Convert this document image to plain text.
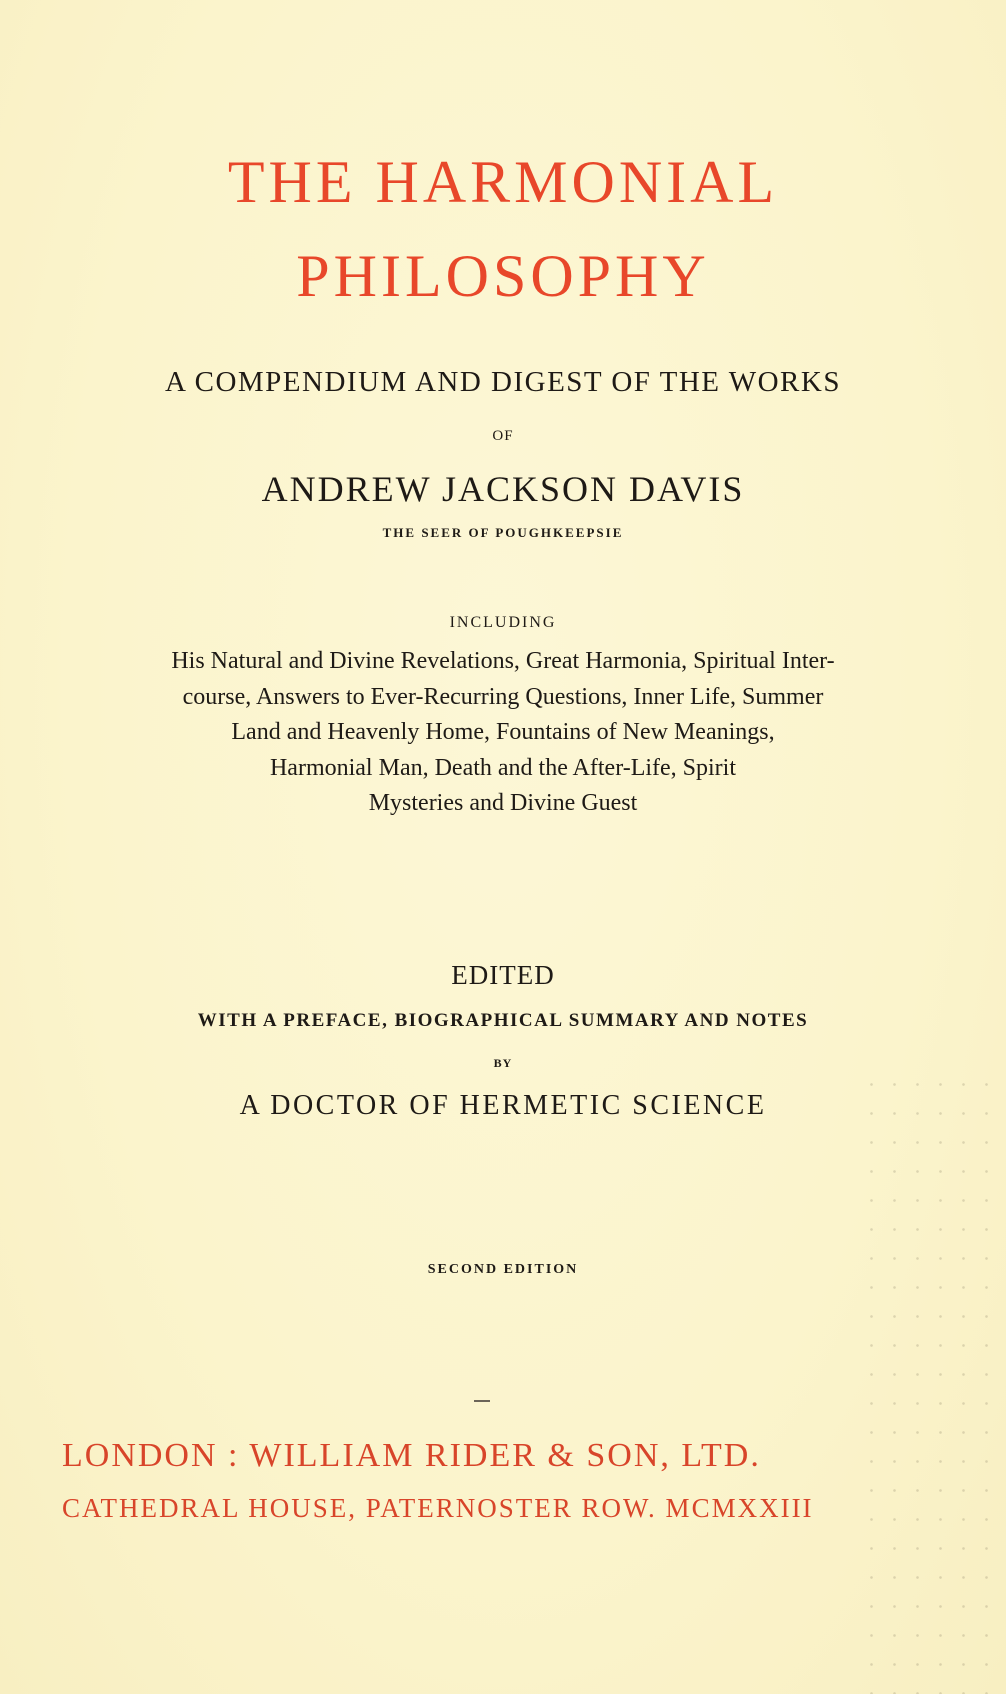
THE HARMONIAL
PHILOSOPHY
A COMPENDIUM AND DIGEST OF THE WORKS
OF
ANDREW JACKSON DAVIS
THE SEER OF POUGHKEEPSIE
INCLUDING
His Natural and Divine Revelations, Great Harmonia, Spiritual Inter-
course, Answers to Ever-Recurring Questions, Inner Life, Summer
Land and Heavenly Home, Fountains of New Meanings,
Harmonial Man, Death and the After-Life, Spirit
Mysteries and Divine Guest
EDITED
WITH A PREFACE, BIOGRAPHICAL SUMMARY AND NOTES
BY
A DOCTOR OF HERMETIC SCIENCE
SECOND EDITION
LONDON : WILLIAM RIDER & SON, LTD.
CATHEDRAL HOUSE, PATERNOSTER ROW. MCMXXIII
